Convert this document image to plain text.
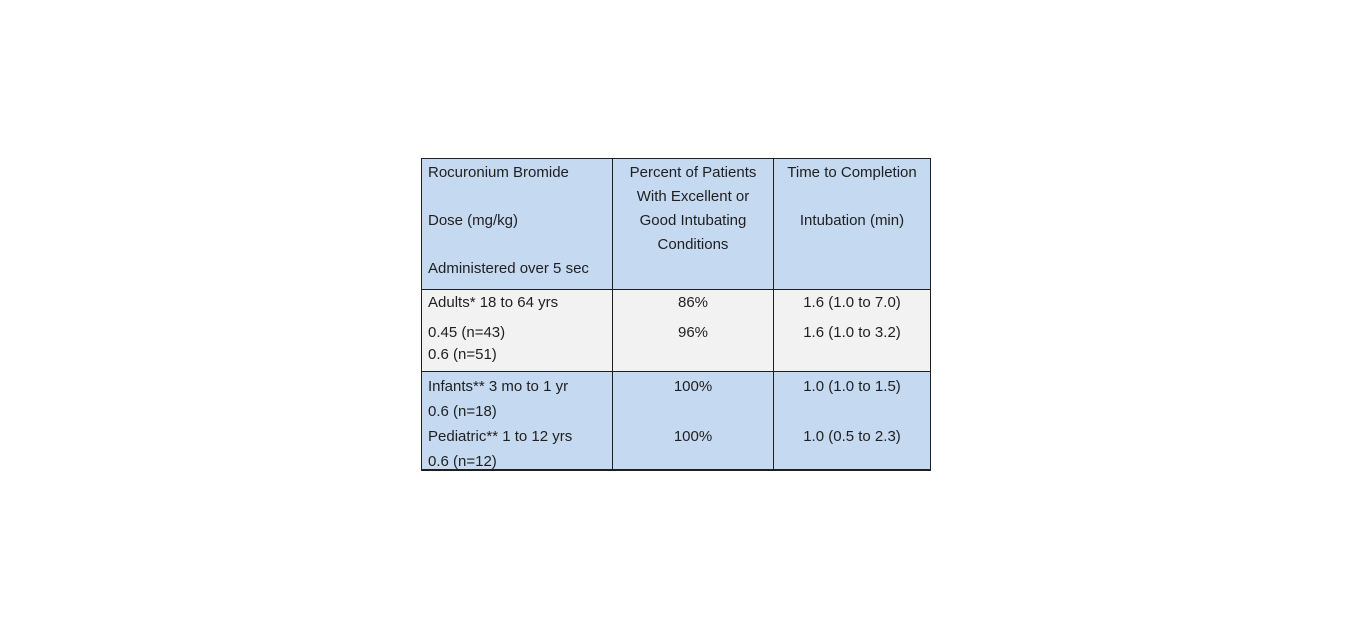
Rocuronium Bromide
Dose (mg/kg)
Administered over 5 sec
Percent of Patients
With Excellent or
Good Intubating
Conditions
Time to Completion
Intubation (min)
Adults* 18 to 64 yrs
0.45 (n=43)
0.6 (n=51)
86%
96%
1.6 (1.0 to 7.0)
1.6 (1.0 to 3.2)
Infants** 3 mo to 1 yr
0.6 (n=18)
Pediatric** 1 to 12 yrs
0.6 (n=12)
100%
100%
1.0 (1.0 to 1.5)
1.0 (0.5 to 2.3)
